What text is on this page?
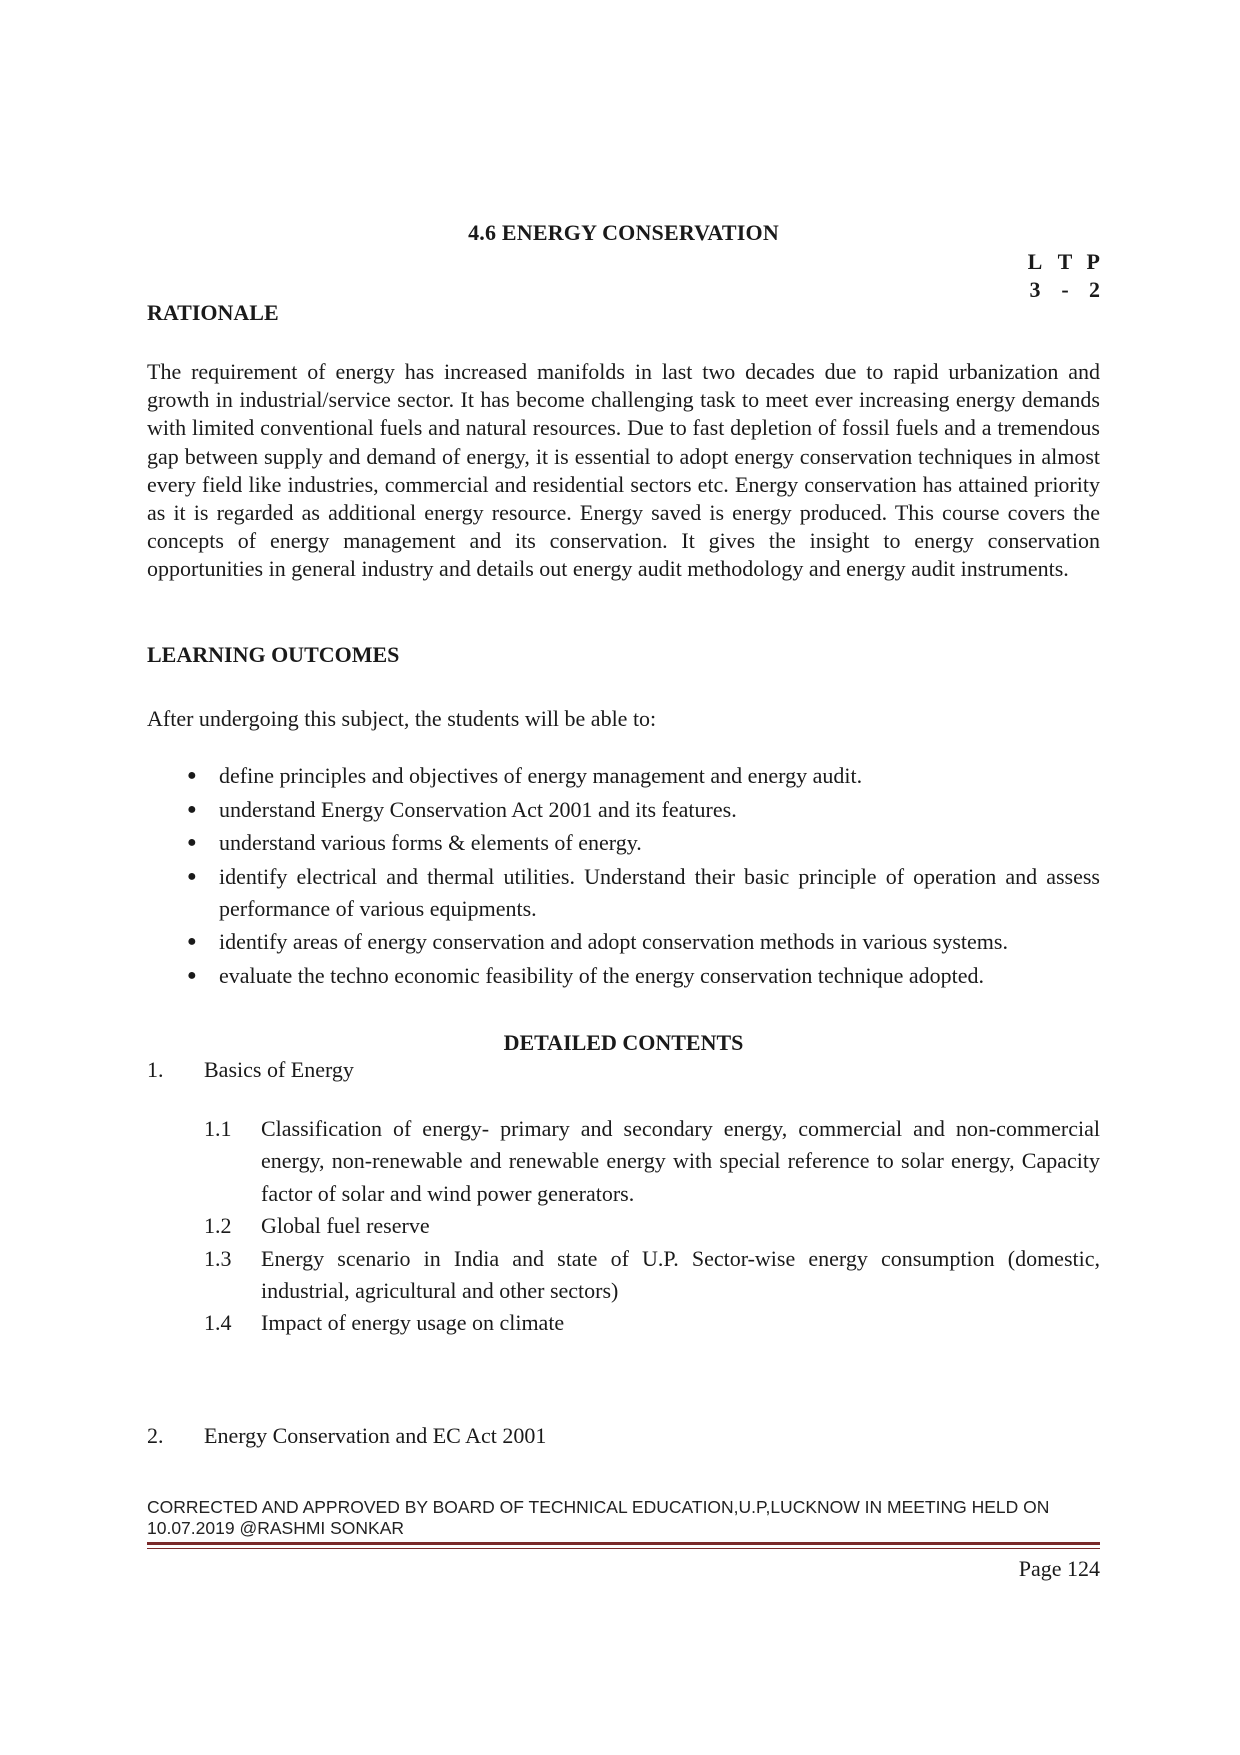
4.6 ENERGY CONSERVATION
L T P
3 - 2
RATIONALE

The requirement of energy has increased manifolds in last two decades due to rapid urbanization and growth in industrial/service sector. It has become challenging task to meet ever increasing energy demands with limited conventional fuels and natural resources. Due to fast depletion of fossil fuels and a tremendous gap between supply and demand of energy, it is essential to adopt energy conservation techniques in almost every field like industries, commercial and residential sectors etc. Energy conservation has attained priority as it is regarded as additional energy resource. Energy saved is energy produced. This course covers the concepts of energy management and its conservation. It gives the insight to energy conservation opportunities in general industry and details out energy audit methodology and energy audit instruments.

LEARNING OUTCOMES
After undergoing this subject, the students will be able to:
● define principles and objectives of energy management and energy audit.
● understand Energy Conservation Act 2001 and its features.
● understand various forms & elements of energy.
● identify electrical and thermal utilities. Understand their basic principle of operation and assess performance of various equipments.
● identify areas of energy conservation and adopt conservation methods in various systems.
● evaluate the techno economic feasibility of the energy conservation technique adopted.
DETAILED CONTENTS
1.	Basics of Energy
1.1 Classification of energy- primary and secondary energy, commercial and non-commercial energy, non-renewable and renewable energy with special reference to solar energy, Capacity factor of solar and wind power generators.
1.2 Global fuel reserve
1.3 Energy scenario in India and state of U.P. Sector-wise energy consumption (domestic, industrial, agricultural and other sectors)
1.4 Impact of energy usage on climate
2.	Energy Conservation and EC Act 2001
CORRECTED AND APPROVED BY BOARD OF TECHNICAL EDUCATION,U.P,LUCKNOW IN MEETING HELD ON 10.07.2019 @RASHMI SONKAR
Page 124
